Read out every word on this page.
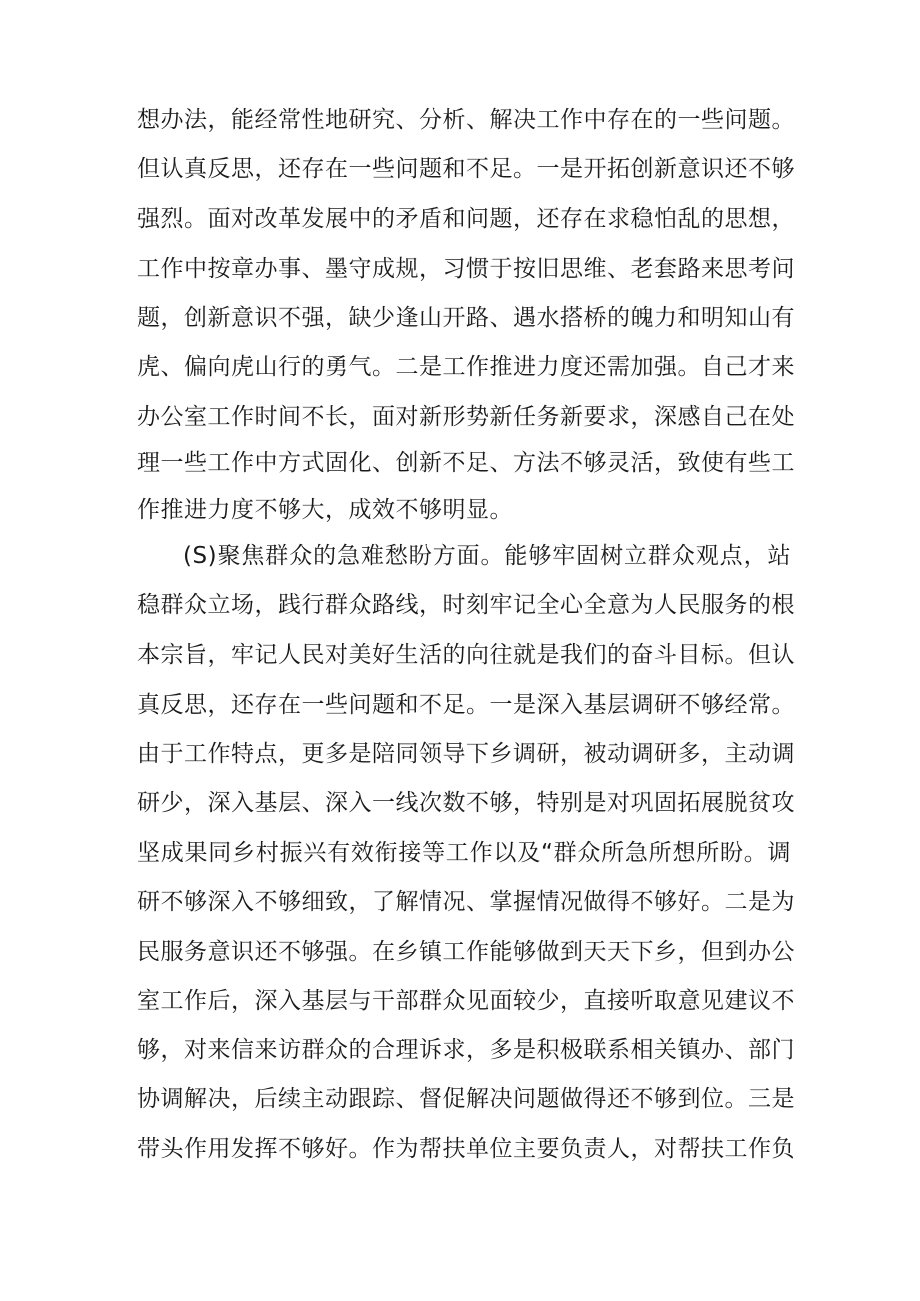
想办法，能经常性地研究、分析、解决工作中存在的一些问题。
但认真反思，还存在一些问题和不足。一是开拓创新意识还不够
强烈。面对改革发展中的矛盾和问题，还存在求稳怕乱的思想，
工作中按章办事、墨守成规，习惯于按旧思维、老套路来思考问
题，创新意识不强，缺少逢山开路、遇水搭桥的魄力和明知山有
虎、偏向虎山行的勇气。二是工作推进力度还需加强。自己才来
办公室工作时间不长，面对新形势新任务新要求，深感自己在处
理一些工作中方式固化、创新不足、方法不够灵活，致使有些工
作推进力度不够大，成效不够明显。
(S)聚焦群众的急难愁盼方面。能够牢固树立群众观点，站
稳群众立场，践行群众路线，时刻牢记全心全意为人民服务的根
本宗旨，牢记人民对美好生活的向往就是我们的奋斗目标。但认
真反思，还存在一些问题和不足。一是深入基层调研不够经常。
由于工作特点，更多是陪同领导下乡调研，被动调研多，主动调
研少，深入基层、深入一线次数不够，特别是对巩固拓展脱贫攻
坚成果同乡村振兴有效衔接等工作以及“群众所急所想所盼。调
研不够深入不够细致，了解情况、掌握情况做得不够好。二是为
民服务意识还不够强。在乡镇工作能够做到天天下乡，但到办公
室工作后，深入基层与干部群众见面较少，直接听取意见建议不
够，对来信来访群众的合理诉求，多是积极联系相关镇办、部门
协调解决，后续主动跟踪、督促解决问题做得还不够到位。三是
带头作用发挥不够好。作为帮扶单位主要负责人，对帮扶工作负
